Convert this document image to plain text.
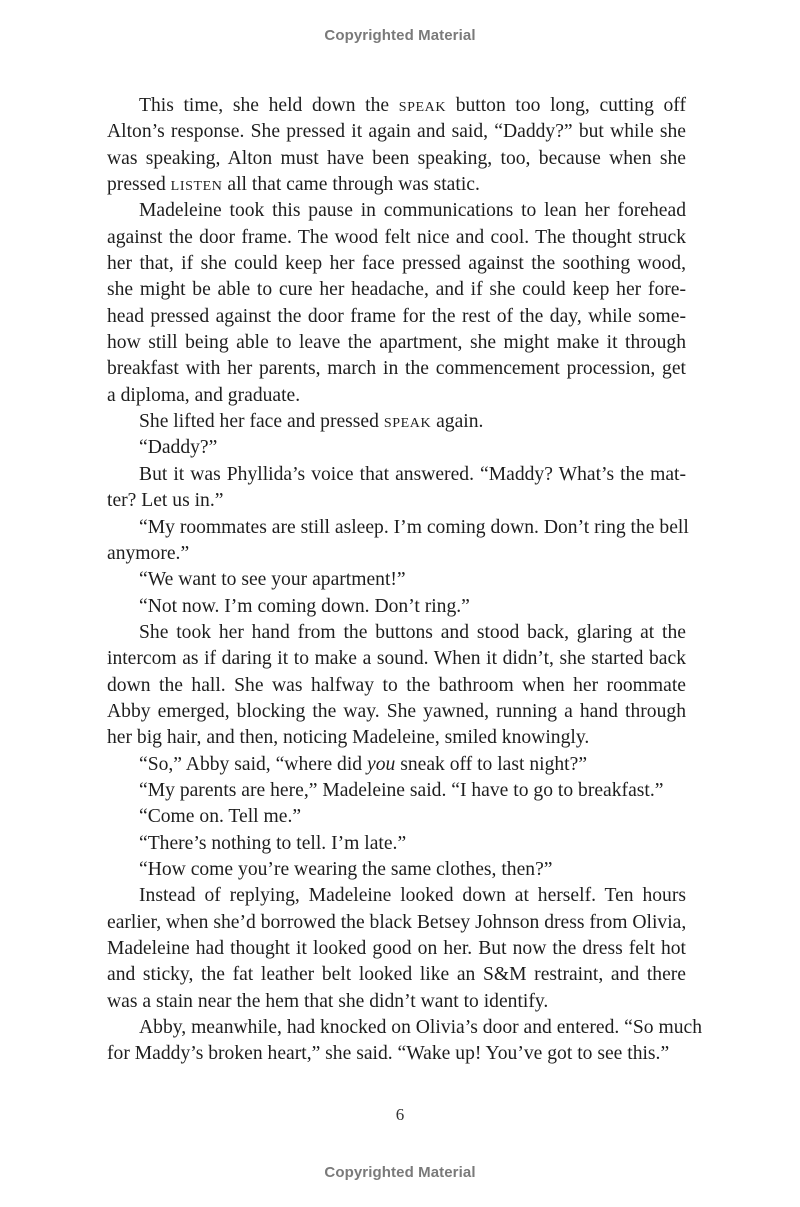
Copyrighted Material
This time, she held down the speak button too long, cutting off
Alton’s response. She pressed it again and said, “Daddy?” but while she
was speaking, Alton must have been speaking, too, because when she
pressed listen all that came through was static.
Madeleine took this pause in communications to lean her forehead
against the door frame. The wood felt nice and cool. The thought struck
her that, if she could keep her face pressed against the soothing wood,
she might be able to cure her headache, and if she could keep her fore-
head pressed against the door frame for the rest of the day, while some-
how still being able to leave the apartment, she might make it through
breakfast with her parents, march in the commencement procession, get
a diploma, and graduate.
She lifted her face and pressed speak again.
“Daddy?”
But it was Phyllida’s voice that answered. “Maddy? What’s the mat-
ter? Let us in.”
“My roommates are still asleep. I’m coming down. Don’t ring the bell
anymore.”
“We want to see your apartment!”
“Not now. I’m coming down. Don’t ring.”
She took her hand from the buttons and stood back, glaring at the
intercom as if daring it to make a sound. When it didn’t, she started back
down the hall. She was halfway to the bathroom when her roommate
Abby emerged, blocking the way. She yawned, running a hand through
her big hair, and then, noticing Madeleine, smiled knowingly.
“So,” Abby said, “where did you sneak off to last night?”
“My parents are here,” Madeleine said. “I have to go to breakfast.”
“Come on. Tell me.”
“There’s nothing to tell. I’m late.”
“How come you’re wearing the same clothes, then?”
Instead of replying, Madeleine looked down at herself. Ten hours
earlier, when she’d borrowed the black Betsey Johnson dress from Olivia,
Madeleine had thought it looked good on her. But now the dress felt hot
and sticky, the fat leather belt looked like an S&M restraint, and there
was a stain near the hem that she didn’t want to identify.
Abby, meanwhile, had knocked on Olivia’s door and entered. “So much
for Maddy’s broken heart,” she said. “Wake up! You’ve got to see this.”
6
Copyrighted Material
